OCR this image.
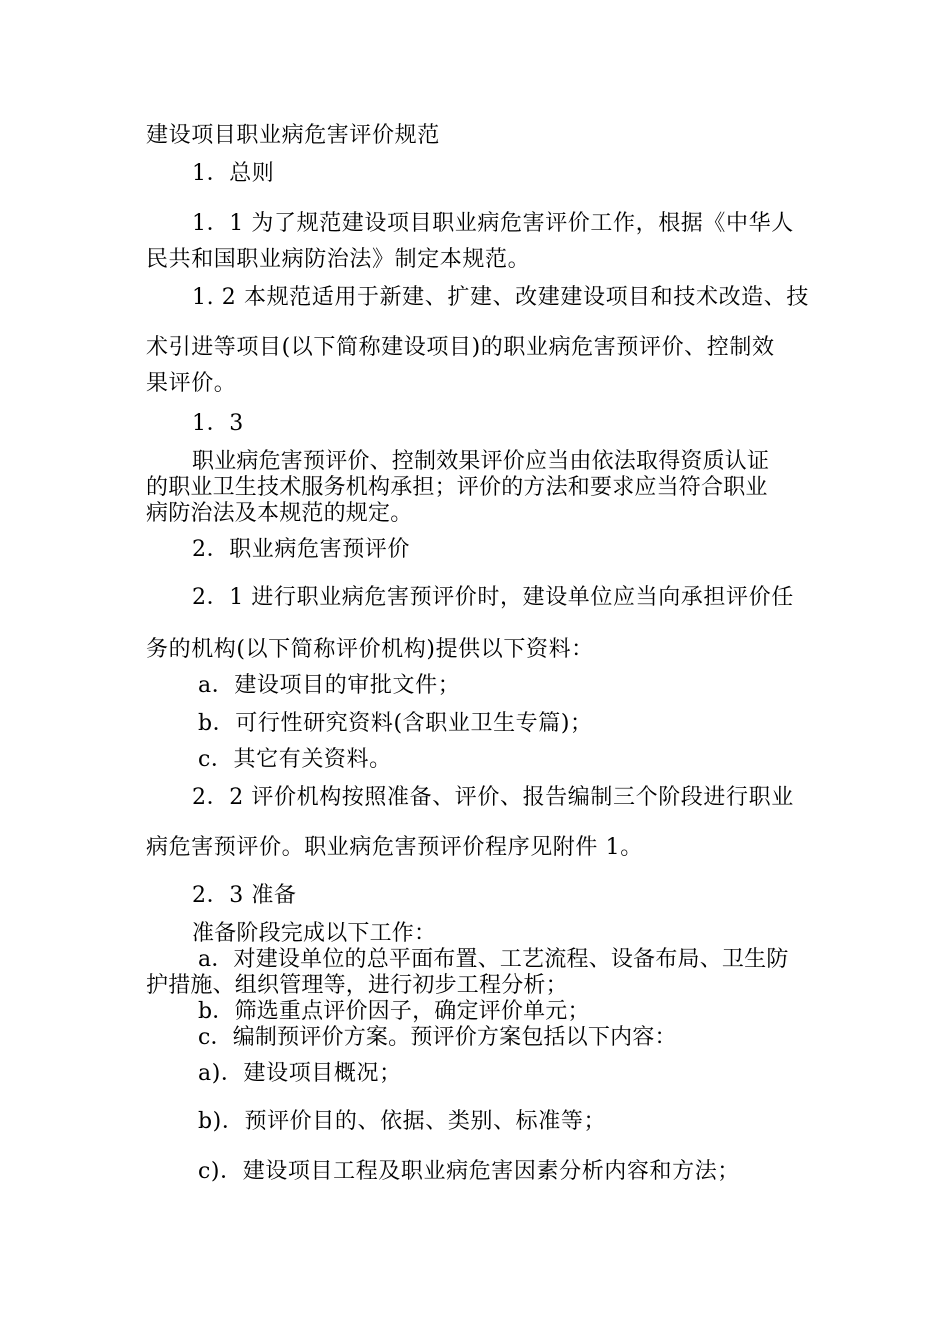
建设项目职业病危害评价规范

1．总则

1．1 为了规范建设项目职业病危害评价工作，根据《中华人

民共和国职业病防治法》制定本规范。

1. 2 本规范适用于新建、扩建、改建建设项目和技术改造、技

术引进等项目(以下简称建设项目)的职业病危害预评价、控制效

果评价。

1．3

职业病危害预评价、控制效果评价应当由依法取得资质认证

的职业卫生技术服务机构承担；评价的方法和要求应当符合职业

病防治法及本规范的规定。

2．职业病危害预评价

2．1 进行职业病危害预评价时，建设单位应当向承担评价任

务的机构(以下简称评价机构)提供以下资料：

a．建设项目的审批文件；

b．可行性研究资料(含职业卫生专篇)；

c．其它有关资料。

2．2 评价机构按照准备、评价、报告编制三个阶段进行职业

病危害预评价。职业病危害预评价程序见附件 1。

2．3 准备

准备阶段完成以下工作：

a．对建设单位的总平面布置、工艺流程、设备布局、卫生防

护措施、组织管理等，进行初步工程分析；

b．筛选重点评价因子，确定评价单元；

c．编制预评价方案。预评价方案包括以下内容：

a)．建设项目概况；

b)．预评价目的、依据、类别、标准等；

c)．建设项目工程及职业病危害因素分析内容和方法；
